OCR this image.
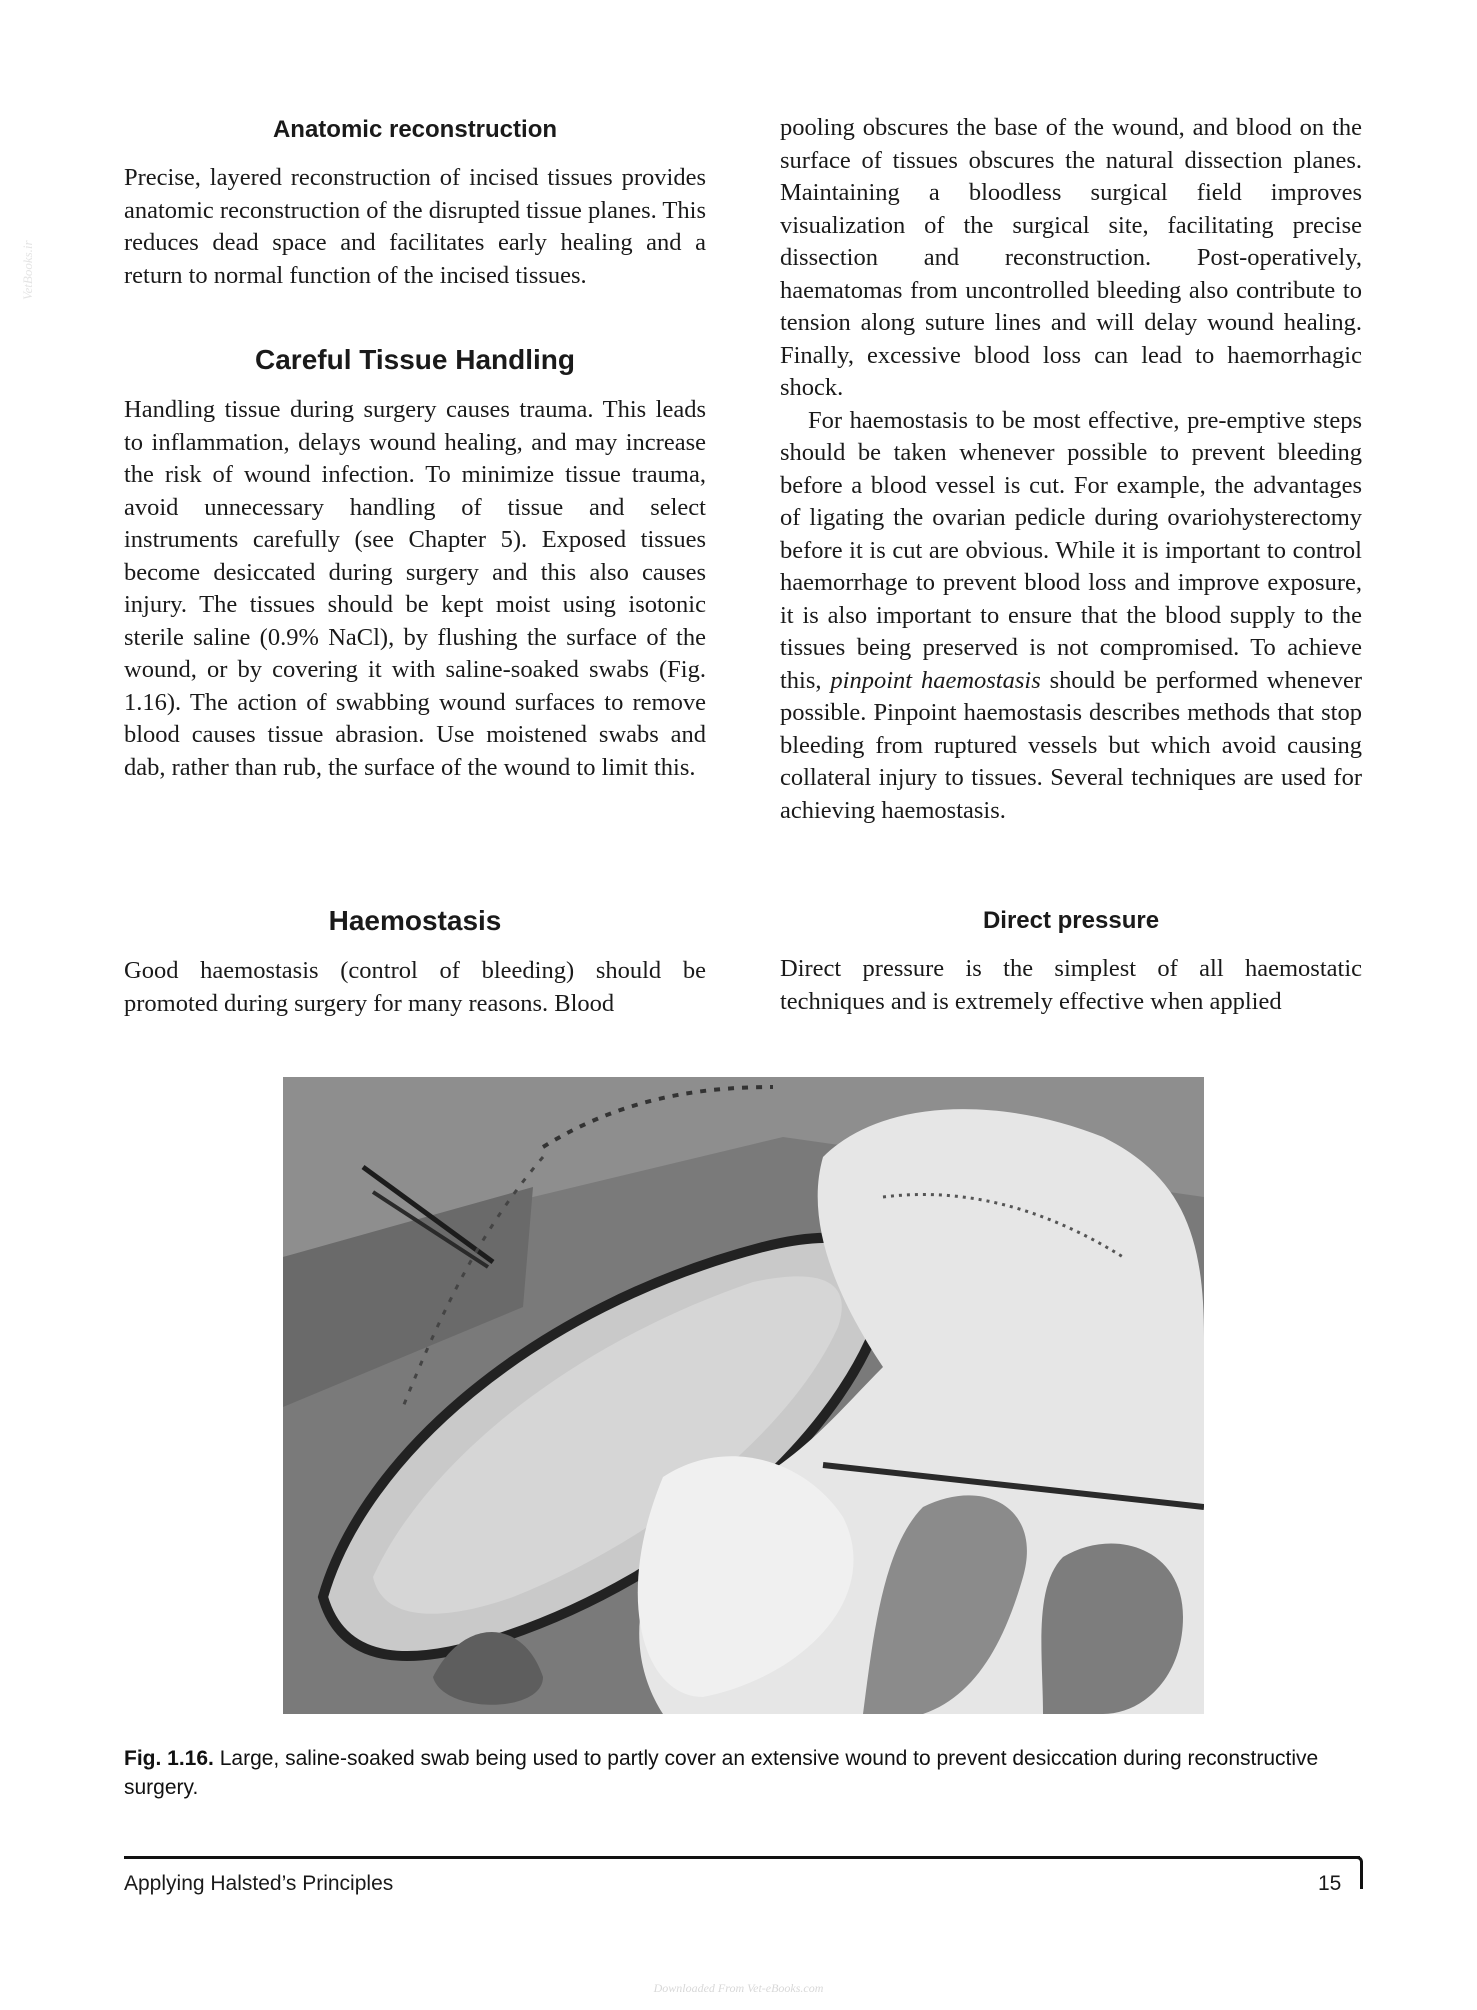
VetBooks.ir
Anatomic reconstruction

Precise, layered reconstruction of incised tissues provides anatomic reconstruction of the disrupted tissue planes. This reduces dead space and facilitates early healing and a return to normal function of the incised tissues.

Careful Tissue Handling

Handling tissue during surgery causes trauma. This leads to inflammation, delays wound healing, and may increase the risk of wound infection. To minimize tissue trauma, avoid unnecessary handling of tissue and select instruments carefully (see Chapter 5). Exposed tissues become desiccated during surgery and this also causes injury. The tissues should be kept moist using isotonic sterile saline (0.9% NaCl), by flushing the surface of the wound, or by covering it with saline-soaked swabs (Fig. 1.16). The action of swabbing wound surfaces to remove blood causes tissue abrasion. Use moistened swabs and dab, rather than rub, the surface of the wound to limit this.

pooling obscures the base of the wound, and blood on the surface of tissues obscures the natural dissection planes. Maintaining a bloodless surgical field improves visualization of the surgical site, facilitating precise dissection and reconstruction. Post-operatively, haematomas from uncontrolled bleeding also contribute to tension along suture lines and will delay wound healing. Finally, excessive blood loss can lead to haemorrhagic shock.

For haemostasis to be most effective, pre-emptive steps should be taken whenever possible to prevent bleeding before a blood vessel is cut. For example, the advantages of ligating the ovarian pedicle during ovariohysterectomy before it is cut are obvious. While it is important to control haemorrhage to prevent blood loss and improve exposure, it is also important to ensure that the blood supply to the tissues being preserved is not compromised. To achieve this, pinpoint haemostasis should be performed whenever possible. Pinpoint haemostasis describes methods that stop bleeding from ruptured vessels but which avoid causing collateral injury to tissues. Several techniques are used for achieving haemostasis.

Haemostasis

Good haemostasis (control of bleeding) should be promoted during surgery for many reasons. Blood

Direct pressure

Direct pressure is the simplest of all haemostatic techniques and is extremely effective when applied

Fig. 1.16. Large, saline-soaked swab being used to partly cover an extensive wound to prevent desiccation during reconstructive surgery.
Applying Halsted’s Principles	15
Downloaded From Vet-eBooks.com
